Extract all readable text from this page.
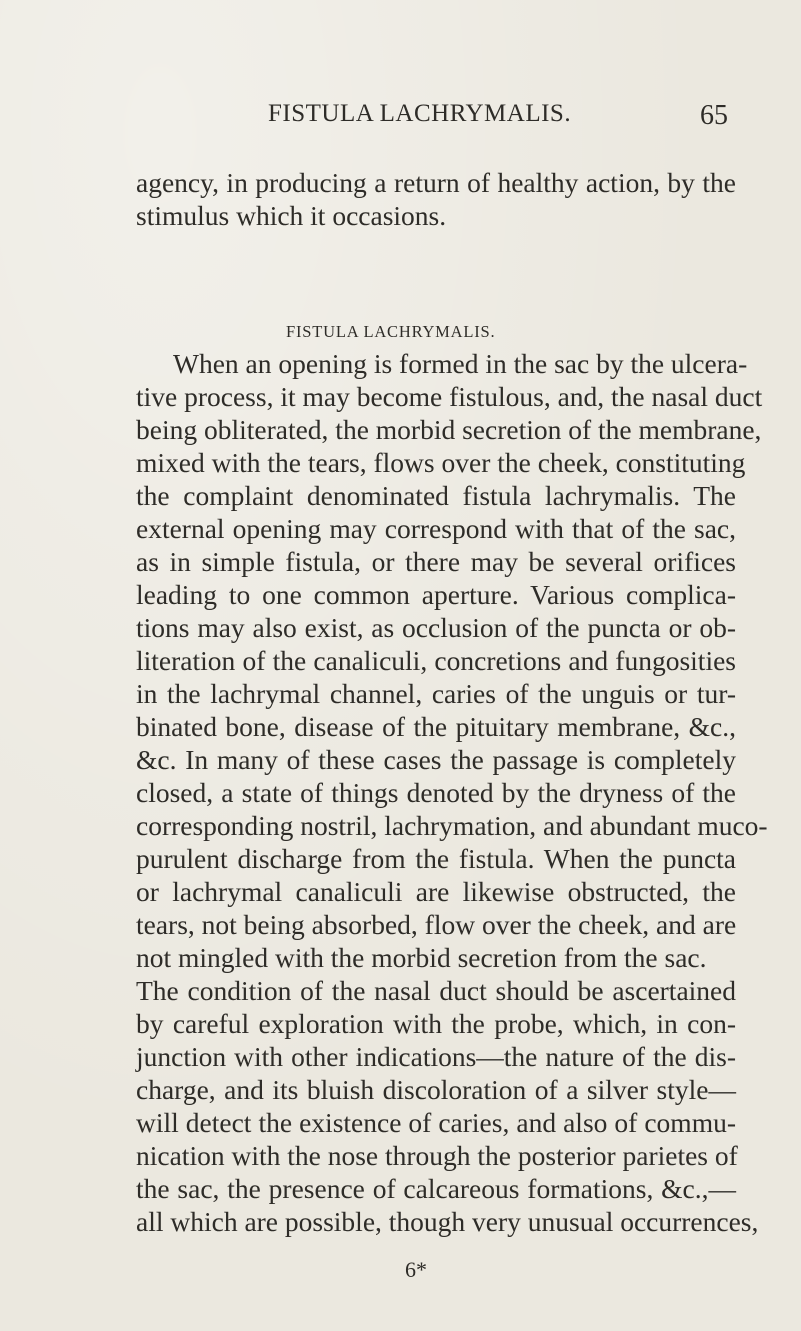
FISTULA LACHRYMALIS.	65
agency, in producing a return of healthy action, by the
stimulus which it occasions.
FISTULA LACHRYMALIS.
When an opening is formed in the sac by the ulcera-
tive process, it may become fistulous, and, the nasal duct
being obliterated, the morbid secretion of the membrane,
mixed with the tears, flows over the cheek, constituting
the complaint denominated fistula lachrymalis. The
external opening may correspond with that of the sac,
as in simple fistula, or there may be several orifices
leading to one common aperture. Various complica-
tions may also exist, as occlusion of the puncta or ob-
literation of the canaliculi, concretions and fungosities
in the lachrymal channel, caries of the unguis or tur-
binated bone, disease of the pituitary membrane, &c.,
&c. In many of these cases the passage is completely
closed, a state of things denoted by the dryness of the
corresponding nostril, lachrymation, and abundant muco-
purulent discharge from the fistula. When the puncta
or lachrymal canaliculi are likewise obstructed, the
tears, not being absorbed, flow over the cheek, and are
not mingled with the morbid secretion from the sac.
The condition of the nasal duct should be ascertained
by careful exploration with the probe, which, in con-
junction with other indications—the nature of the dis-
charge, and its bluish discoloration of a silver style—
will detect the existence of caries, and also of commu-
nication with the nose through the posterior parietes of
the sac, the presence of calcareous formations, &c.,—
all which are possible, though very unusual occurrences,
6*
